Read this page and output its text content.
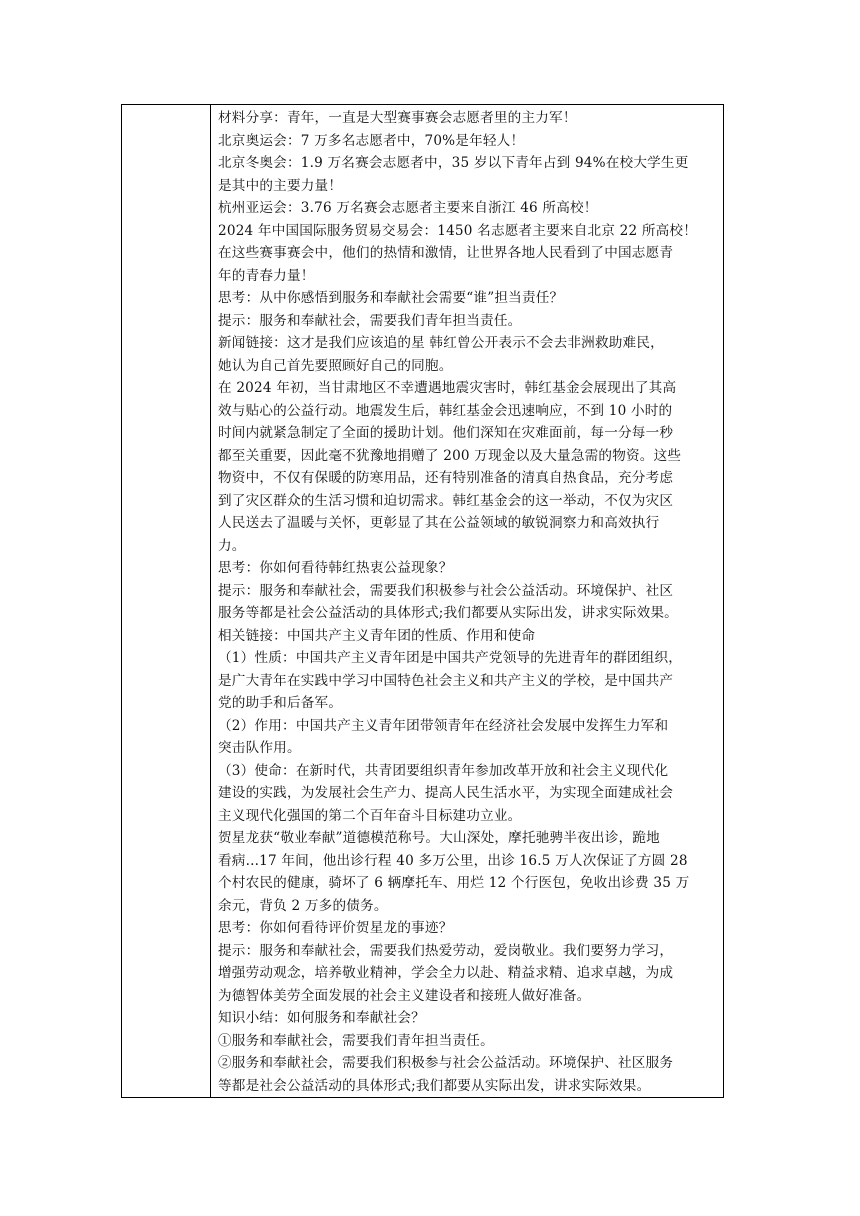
材料分享：青年，一直是大型赛事赛会志愿者里的主力军！
北京奥运会：7 万多名志愿者中，70%是年轻人！
北京冬奥会：1.9 万名赛会志愿者中，35 岁以下青年占到 94%在校大学生更
是其中的主要力量！
杭州亚运会：3.76 万名赛会志愿者主要来自浙江 46 所高校！
2024 年中国国际服务贸易交易会：1450 名志愿者主要来自北京 22 所高校！
在这些赛事赛会中，他们的热情和激情，让世界各地人民看到了中国志愿青
年的青春力量！
思考：从中你感悟到服务和奉献社会需要“谁”担当责任？
提示：服务和奉献社会，需要我们青年担当责任。
新闻链接：这才是我们应该追的星 韩红曾公开表示不会去非洲救助难民，
她认为自己首先要照顾好自己的同胞。
在 2024 年初，当甘肃地区不幸遭遇地震灾害时，韩红基金会展现出了其高
效与贴心的公益行动。地震发生后，韩红基金会迅速响应，不到 10 小时的
时间内就紧急制定了全面的援助计划。他们深知在灾难面前，每一分每一秒
都至关重要，因此毫不犹豫地捐赠了 200 万现金以及大量急需的物资。这些
物资中，不仅有保暖的防寒用品，还有特别准备的清真自热食品，充分考虑
到了灾区群众的生活习惯和迫切需求。韩红基金会的这一举动，不仅为灾区
人民送去了温暖与关怀，更彰显了其在公益领域的敏锐洞察力和高效执行
力。
思考：你如何看待韩红热衷公益现象？
提示：服务和奉献社会，需要我们积极参与社会公益活动。环境保护、社区
服务等都是社会公益活动的具体形式;我们都要从实际出发，讲求实际效果。
相关链接：中国共产主义青年团的性质、作用和使命
（1）性质：中国共产主义青年团是中国共产党领导的先进青年的群团组织，
是广大青年在实践中学习中国特色社会主义和共产主义的学校，是中国共产
党的助手和后备军。
（2）作用：中国共产主义青年团带领青年在经济社会发展中发挥生力军和
突击队作用。
（3）使命：在新时代，共青团要组织青年参加改革开放和社会主义现代化
建设的实践，为发展社会生产力、提高人民生活水平，为实现全面建成社会
主义现代化强国的第二个百年奋斗目标建功立业。
贺星龙获“敬业奉献”道德模范称号。大山深处，摩托驰骋半夜出诊，跪地
看病...17 年间，他出诊行程 40 多万公里，出诊 16.5 万人次保证了方圆 28
个村农民的健康，骑坏了 6 辆摩托车、用烂 12 个行医包，免收出诊费 35 万
余元，背负 2 万多的债务。
思考：你如何看待评价贺星龙的事迹？
提示：服务和奉献社会，需要我们热爱劳动，爱岗敬业。我们要努力学习，
增强劳动观念，培养敬业精神，学会全力以赴、精益求精、追求卓越，为成
为德智体美劳全面发展的社会主义建设者和接班人做好准备。
知识小结：如何服务和奉献社会？
①服务和奉献社会，需要我们青年担当责任。
②服务和奉献社会，需要我们积极参与社会公益活动。环境保护、社区服务
等都是社会公益活动的具体形式;我们都要从实际出发，讲求实际效果。
